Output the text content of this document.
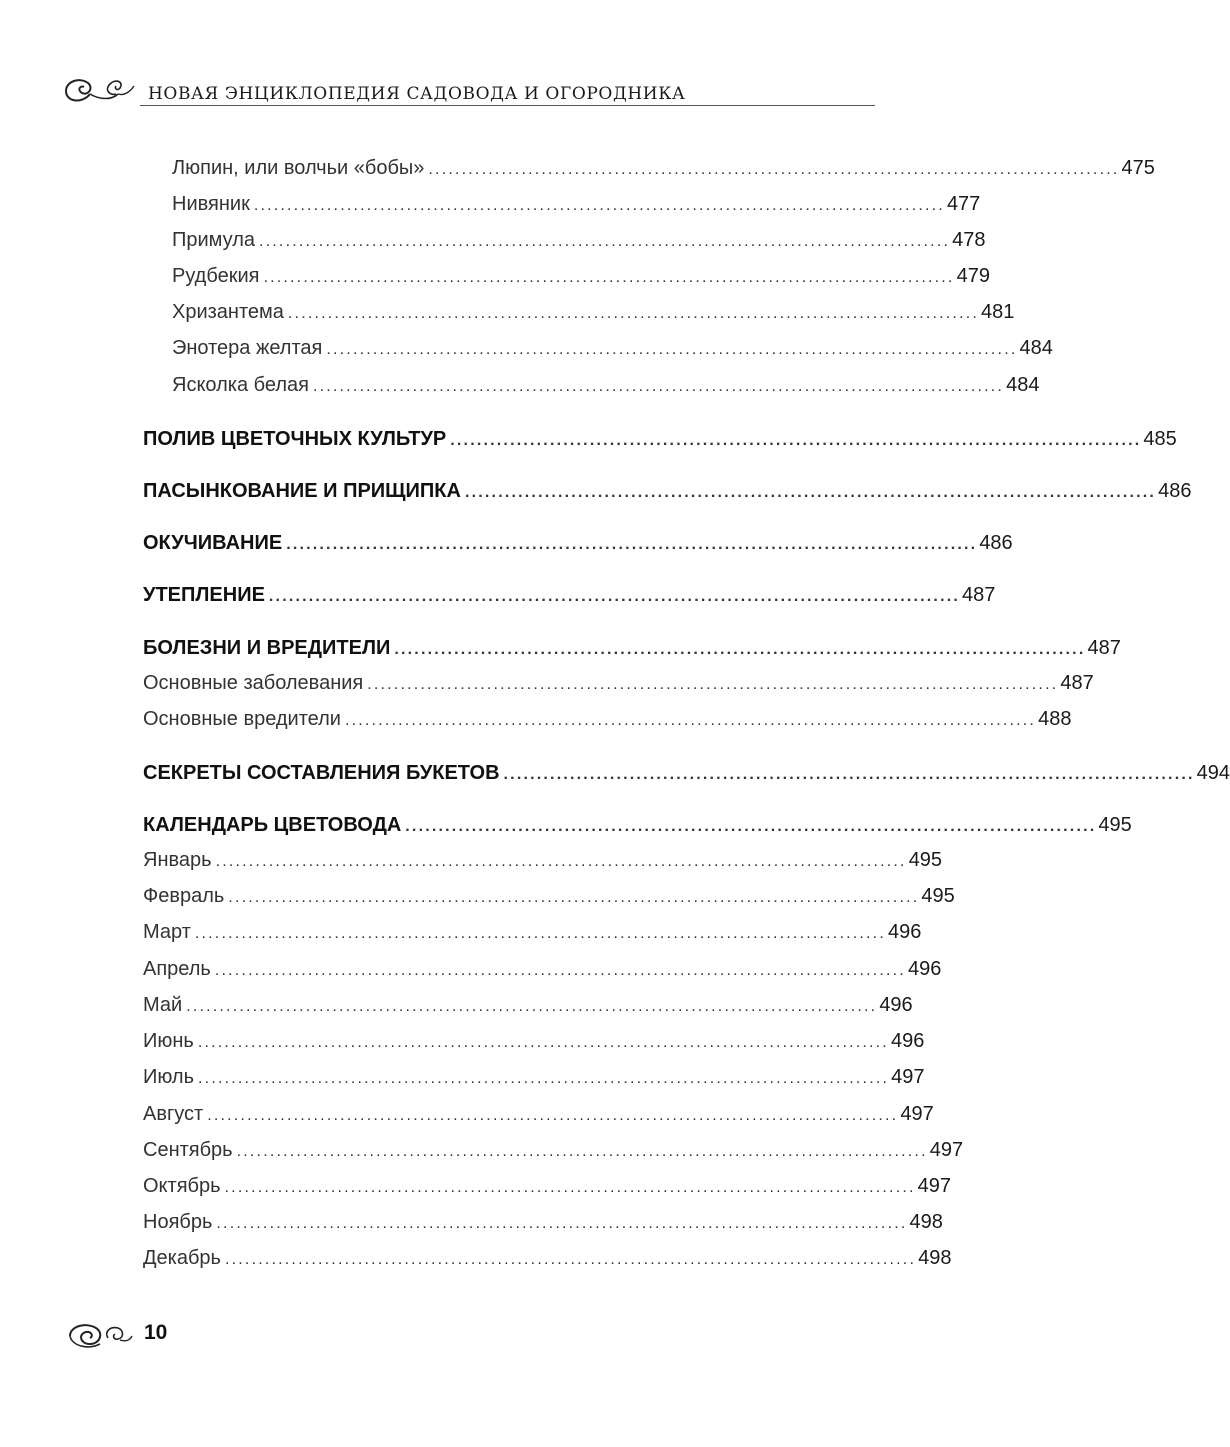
НОВАЯ ЭНЦИКЛОПЕДИЯ САДОВОДА И ОГОРОДНИКА
Люпин, или волчьи «бобы» ........................................................................................................ 475
Нивяник ........................................................................................................ 477
Примула ........................................................................................................ 478
Рудбекия ........................................................................................................ 479
Хризантема ........................................................................................................ 481
Энотера желтая ........................................................................................................ 484
Ясколка белая ........................................................................................................ 484
ПОЛИВ ЦВЕТОЧНЫХ КУЛЬТУР ........................................................................................................ 485
ПАСЫНКОВАНИЕ И ПРИЩИПКА ........................................................................................................ 486
ОКУЧИВАНИЕ ........................................................................................................ 486
УТЕПЛЕНИЕ ........................................................................................................ 487
БОЛЕЗНИ И ВРЕДИТЕЛИ ........................................................................................................ 487
Основные заболевания ........................................................................................................ 487
Основные вредители ........................................................................................................ 488
СЕКРЕТЫ СОСТАВЛЕНИЯ БУКЕТОВ ........................................................................................................ 494
КАЛЕНДАРЬ ЦВЕТОВОДА ........................................................................................................ 495
Январь ........................................................................................................ 495
Февраль ........................................................................................................ 495
Март ........................................................................................................ 496
Апрель ........................................................................................................ 496
Май ........................................................................................................ 496
Июнь ........................................................................................................ 496
Июль ........................................................................................................ 497
Август ........................................................................................................ 497
Сентябрь ........................................................................................................ 497
Октябрь ........................................................................................................ 497
Ноябрь ........................................................................................................ 498
Декабрь ........................................................................................................ 498
10
